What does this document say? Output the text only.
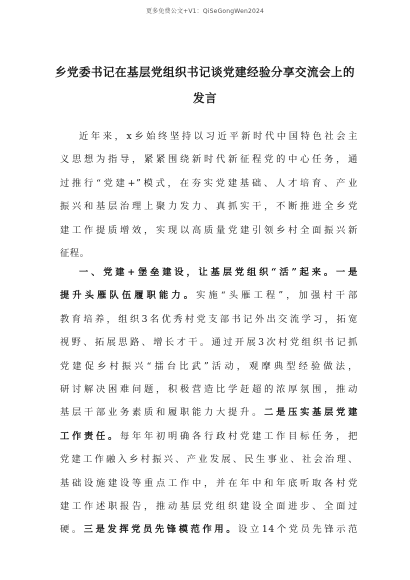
更多免费公文+V1：QiSeGongWen2024
乡党委书记在基层党组织书记谈党建经验分享交流会上的
发言
近年来，x乡始终坚持以习近平新时代中国特色社会主
义思想为指导，紧紧围绕新时代新征程党的中心任务，通
过推行“党建+”模式，在夯实党建基础、人才培育、产业
振兴和基层治理上聚力发力、真抓实干，不断推进全乡党
建工作提质增效，实现以高质量党建引领乡村全面振兴新
征程。
一、党建+堡垒建设，让基层党组织“活”起来。一是
提升头雁队伍履职能力。实施“头雁工程”，加强村干部
教育培养，组织3名优秀村党支部书记外出交流学习，拓宽
视野、拓展思路、增长才干。通过开展3次村党组织书记抓
党建促乡村振兴“擂台比武”活动，观摩典型经验做法，
研讨解决困难问题，积极营造比学赶超的浓厚氛围，推动
基层干部业务素质和履职能力大提升。二是压实基层党建
工作责任。每年年初明确各行政村党建工作目标任务，把
党建工作融入乡村振兴、产业发展、民生事业、社会治理、
基础设施建设等重点工作中，并在年中和年底听取各村党
建工作述职报告，推动基层党组织建设全面进步、全面过
硬。三是发挥党员先锋模范作用。设立14个党员先锋示范
